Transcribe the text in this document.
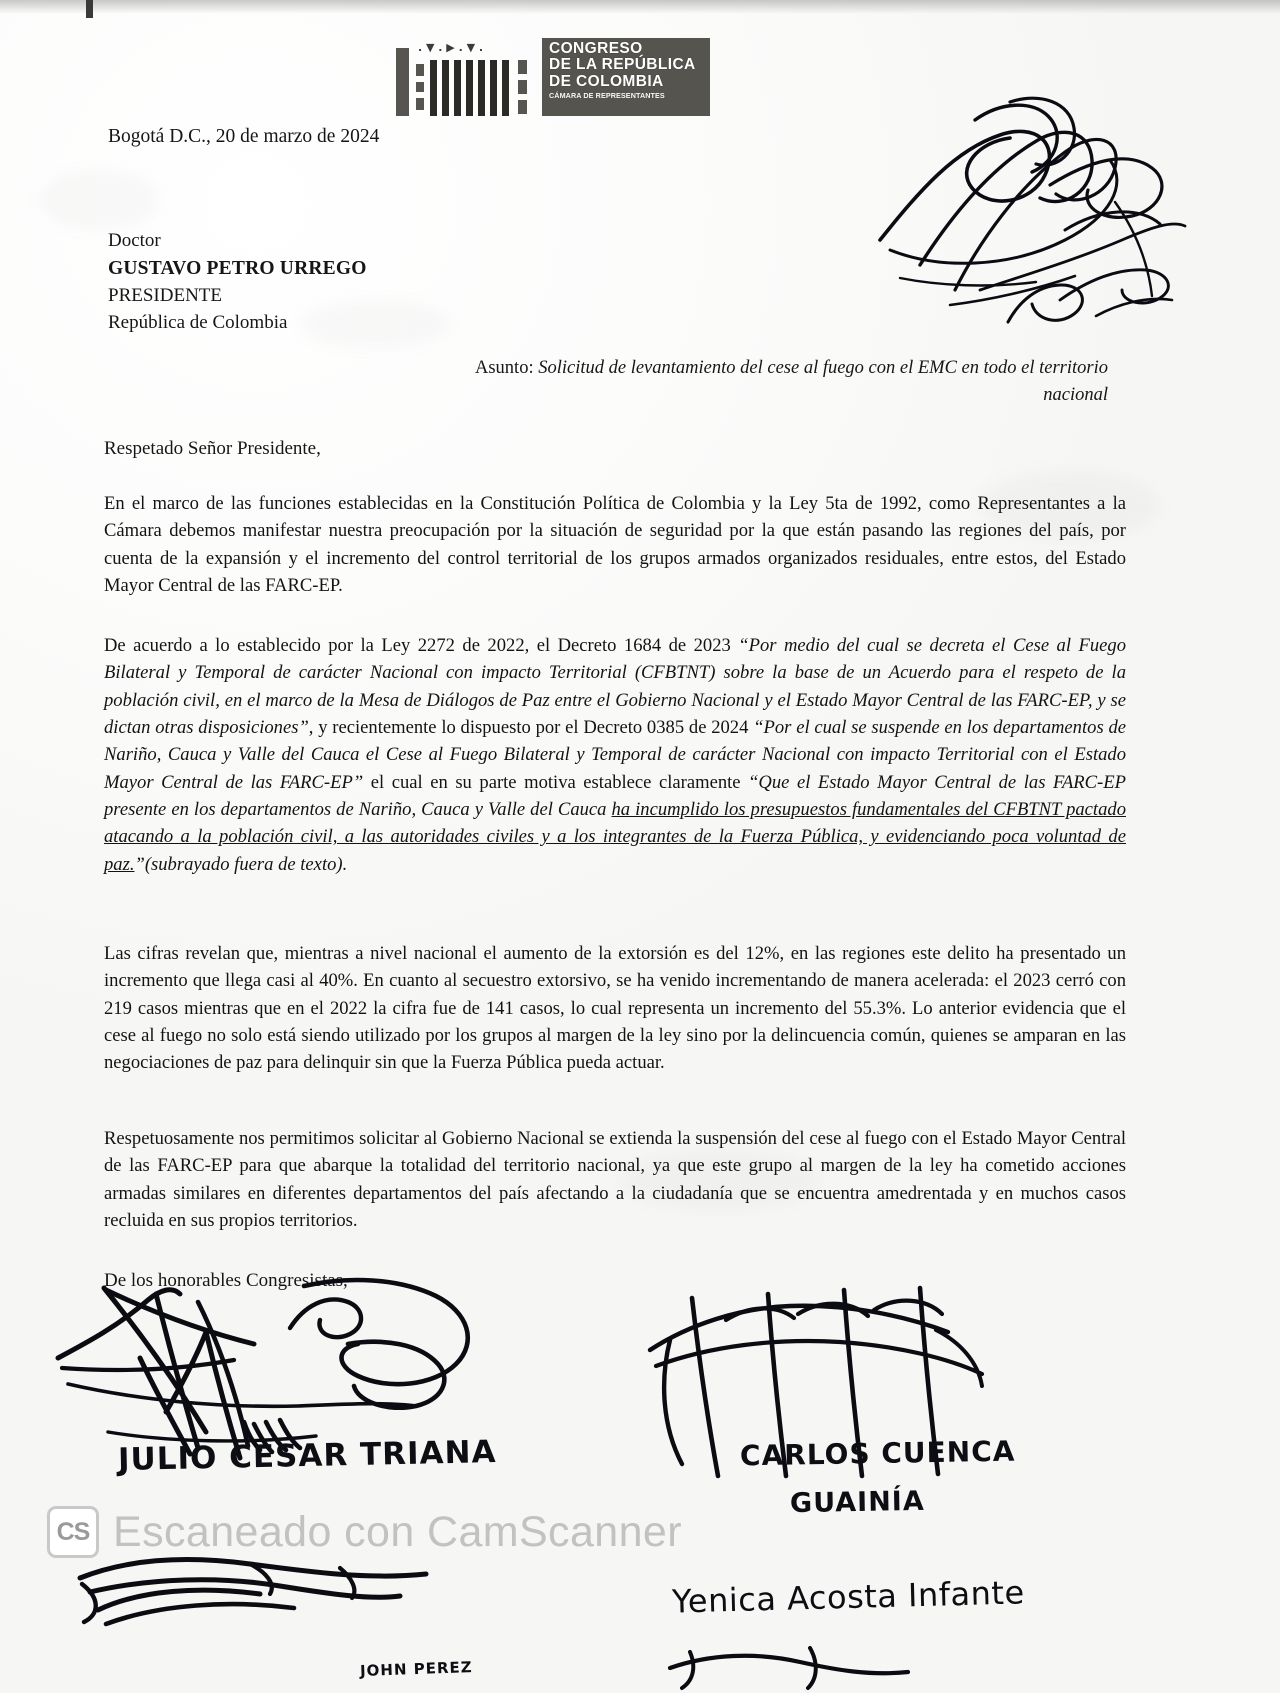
. ▼ . ▶ . ▼ .	CONGRESO
DE LA REPÚBLICA
DE COLOMBIA
CÁMARA DE REPRESENTANTES
Bogotá D.C., 20 de marzo de 2024
Doctor
GUSTAVO PETRO URREGO
PRESIDENTE
República de Colombia
Asunto: Solicitud de levantamiento del cese al fuego con el EMC en todo el territorio nacional
Respetado Señor Presidente,
En el marco de las funciones establecidas en la Constitución Política de Colombia y la Ley 5ta de 1992, como Representantes a la Cámara debemos manifestar nuestra preocupación por la situación de seguridad por la que están pasando las regiones del país, por cuenta de la expansión y el incremento del control territorial de los grupos armados organizados residuales, entre estos, del Estado Mayor Central de las FARC-EP.
De acuerdo a lo establecido por la Ley 2272 de 2022, el Decreto 1684 de 2023 “Por medio del cual se decreta el Cese al Fuego Bilateral y Temporal de carácter Nacional con impacto Territorial (CFBTNT) sobre la base de un Acuerdo para el respeto de la población civil, en el marco de la Mesa de Diálogos de Paz entre el Gobierno Nacional y el Estado Mayor Central de las FARC-EP, y se dictan otras disposiciones”, y recientemente lo dispuesto por el Decreto 0385 de 2024 “Por el cual se suspende en los departamentos de Nariño, Cauca y Valle del Cauca el Cese al Fuego Bilateral y Temporal de carácter Nacional con impacto Territorial con el Estado Mayor Central de las FARC-EP” el cual en su parte motiva establece claramente “Que el Estado Mayor Central de las FARC-EP presente en los departamentos de Nariño, Cauca y Valle del Cauca ha incumplido los presupuestos fundamentales del CFBTNT pactado atacando a la población civil, a las autoridades civiles y a los integrantes de la Fuerza Pública, y evidenciando poca voluntad de paz.”(subrayado fuera de texto).
Las cifras revelan que, mientras a nivel nacional el aumento de la extorsión es del 12%, en las regiones este delito ha presentado un incremento que llega casi al 40%. En cuanto al secuestro extorsivo, se ha venido incrementando de manera acelerada: el 2023 cerró con 219 casos mientras que en el 2022 la cifra fue de 141 casos, lo cual representa un incremento del 55.3%. Lo anterior evidencia que el cese al fuego no solo está siendo utilizado por los grupos al margen de la ley sino por la delincuencia común, quienes se amparan en las negociaciones de paz para delinquir sin que la Fuerza Pública pueda actuar.
Respetuosamente nos permitimos solicitar al Gobierno Nacional se extienda la suspensión del cese al fuego con el Estado Mayor Central de las FARC-EP para que abarque la totalidad del territorio nacional, ya que este grupo al margen de la ley ha cometido acciones armadas similares en diferentes departamentos del país afectando a la ciudadanía que se encuentra amedrentada y en muchos casos recluida en sus propios territorios.
De los honorables Congresistas,
JULIO CESAR TRIANA
JOHN PEREZ
CARLOS CUENCA
GUAINÍA
Yenica Acosta Infante
CS Escaneado con CamScanner
